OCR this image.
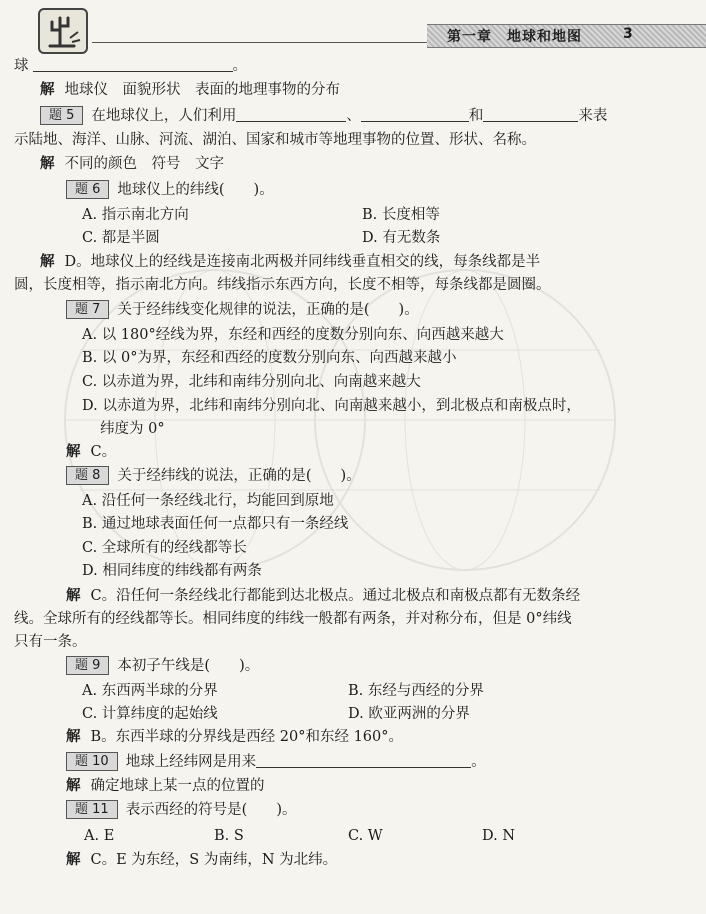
第一章　地球和地图	3
球	。
解 地球仪　面貌形状　表面的地理事物的分布
题 5 在地球仪上，人们利用	、	和	来表
示陆地、海洋、山脉、河流、湖泊、国家和城市等地理事物的位置、形状、名称。
解 不同的颜色　符号　文字
题 6 地球仪上的纬线(　　)。
A. 指示南北方向	B. 长度相等
C. 都是半圆	D. 有无数条
解 D。地球仪上的经线是连接南北两极并同纬线垂直相交的线，每条线都是半
圆，长度相等，指示南北方向。纬线指示东西方向，长度不相等，每条线都是圆圈。
题 7 关于经纬线变化规律的说法，正确的是(　　)。
A. 以 180°经线为界，东经和西经的度数分别向东、向西越来越大
B. 以 0°为界，东经和西经的度数分别向东、向西越来越小
C. 以赤道为界，北纬和南纬分别向北、向南越来越大
D. 以赤道为界，北纬和南纬分别向北、向南越来越小，到北极点和南极点时，
纬度为 0°
解 C。
题 8 关于经纬线的说法，正确的是(　　)。
A. 沿任何一条经线北行，均能回到原地
B. 通过地球表面任何一点都只有一条经线
C. 全球所有的经线都等长
D. 相同纬度的纬线都有两条
解 C。沿任何一条经线北行都能到达北极点。通过北极点和南极点都有无数条经
线。全球所有的经线都等长。相同纬度的纬线一般都有两条，并对称分布，但是 0°纬线
只有一条。
题 9 本初子午线是(　　)。
A. 东西两半球的分界	B. 东经与西经的分界
C. 计算纬度的起始线	D. 欧亚两洲的分界
解 B。东西半球的分界线是西经 20°和东经 160°。
题 10 地球上经纬网是用来	。
解 确定地球上某一点的位置的
题 11 表示西经的符号是(　　)。
A. E	B. S	C. W	D. N
解 C。E 为东经，S 为南纬，N 为北纬。
